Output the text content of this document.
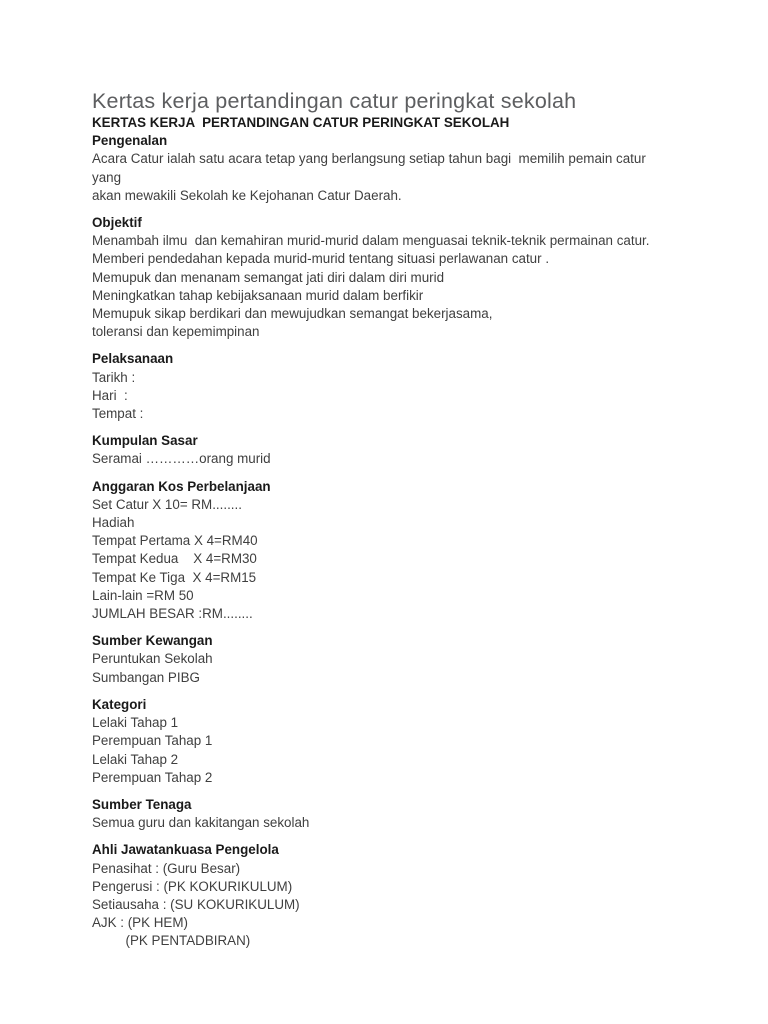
Kertas kerja pertandingan catur peringkat sekolah
KERTAS KERJA  PERTANDINGAN CATUR PERINGKAT SEKOLAH
Pengenalan
Acara Catur ialah satu acara tetap yang berlangsung setiap tahun bagi  memilih pemain catur yang
akan mewakili Sekolah ke Kejohanan Catur Daerah.
Objektif
Menambah ilmu  dan kemahiran murid-murid dalam menguasai teknik-teknik permainan catur.
Memberi pendedahan kepada murid-murid tentang situasi perlawanan catur .
Memupuk dan menanam semangat jati diri dalam diri murid
Meningkatkan tahap kebijaksanaan murid dalam berfikir
Memupuk sikap berdikari dan mewujudkan semangat bekerjasama,
toleransi dan kepemimpinan
Pelaksanaan
Tarikh :
Hari  :
Tempat :
Kumpulan Sasar
Seramai …………orang murid
Anggaran Kos Perbelanjaan
Set Catur X 10= RM........
Hadiah
Tempat Pertama X 4=RM40
Tempat Kedua    X 4=RM30
Tempat Ke Tiga  X 4=RM15
Lain-lain =RM 50
JUMLAH BESAR :RM........
Sumber Kewangan
Peruntukan Sekolah
Sumbangan PIBG
Kategori
Lelaki Tahap 1
Perempuan Tahap 1
Lelaki Tahap 2
Perempuan Tahap 2
Sumber Tenaga
Semua guru dan kakitangan sekolah
Ahli Jawatankuasa Pengelola
Penasihat : (Guru Besar)
Pengerusi : (PK KOKURIKULUM)
Setiausaha : (SU KOKURIKULUM)
AJK : (PK HEM)
(PK PENTADBIRAN)
